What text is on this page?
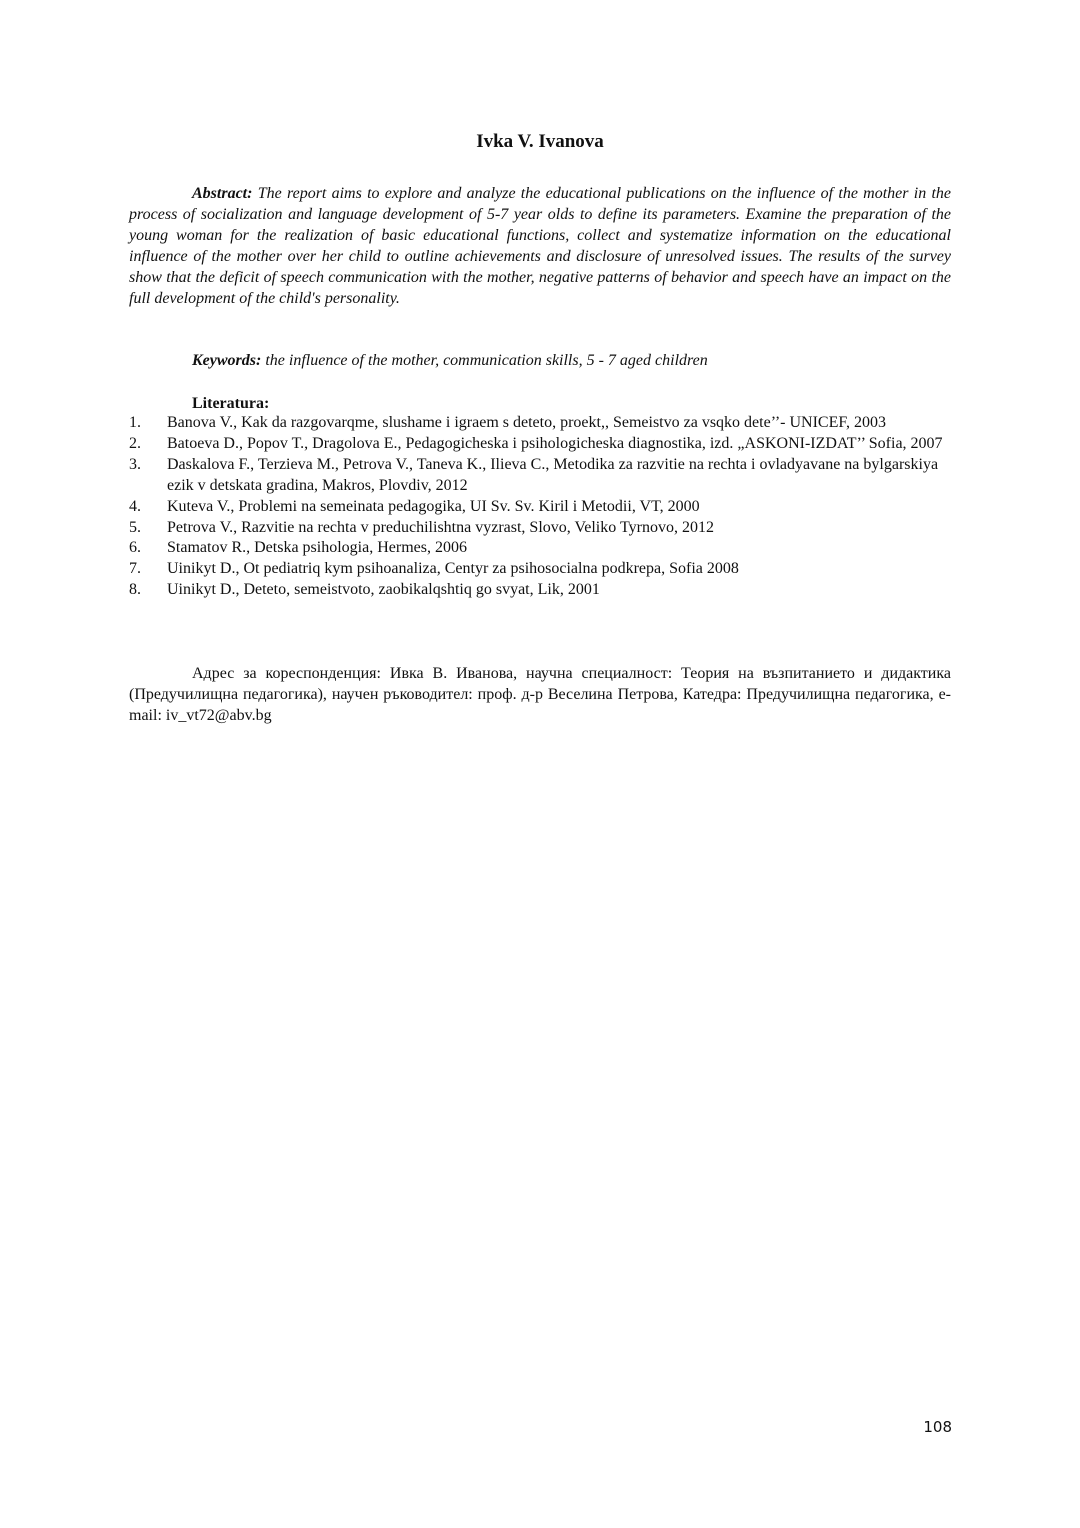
Ivka V. Ivanova

Abstract: The report aims to explore and analyze the educational publications on the influence of the mother in the process of socialization and language development of 5-7 year olds to define its parameters. Examine the preparation of the young woman for the realization of basic educational functions, collect and systematize information on the educational influence of the mother over her child to outline achievements and disclosure of unresolved issues. The results of the survey show that the deficit of speech communication with the mother, negative patterns of behavior and speech have an impact on the full development of the child's personality.

Keywords: the influence of the mother, communication skills, 5 - 7 aged children

Literatura:

1. Banova V., Kak da razgovarqme, slushame i igraem s deteto, proekt,, Semeistvo za vsqko dete’’- UNICEF, 2003
2. Batoeva D., Popov T., Dragolova E., Pedagogicheska i psihologicheska diagnostika, izd. „ASKONI-IZDAT’’ Sofia, 2007
3. Daskalova F., Terzieva M., Petrova V., Taneva K., Ilieva C., Metodika za razvitie na rechta i ovladyavane na bylgarskiya ezik v detskata gradina, Makros, Plovdiv, 2012
4. Kuteva V., Problemi na semeinata pedagogika, UI Sv. Sv. Kiril i Metodii, VT, 2000
5. Petrova V., Razvitie na rechta v preduchilishtna vyzrast, Slovo, Veliko Tyrnovo, 2012
6. Stamatov R., Detska psihologia, Hermes, 2006
7. Uinikyt D., Ot pediatriq kym psihoanaliza, Centyr za psihosocialna podkrepa, Sofia 2008
8. Uinikyt D., Deteto, semeistvoto, zaobikalqshtiq go svyat, Lik, 2001

Адрес за кореспонденция: Ивка В. Иванова, научна специалност: Теория на възпитанието и дидактика (Предучилищна педагогика), научен ръководител: проф. д-р Веселина Петрова, Катедра: Предучилищна педагогика, e-mail: iv_vt72@abv.bg

108
